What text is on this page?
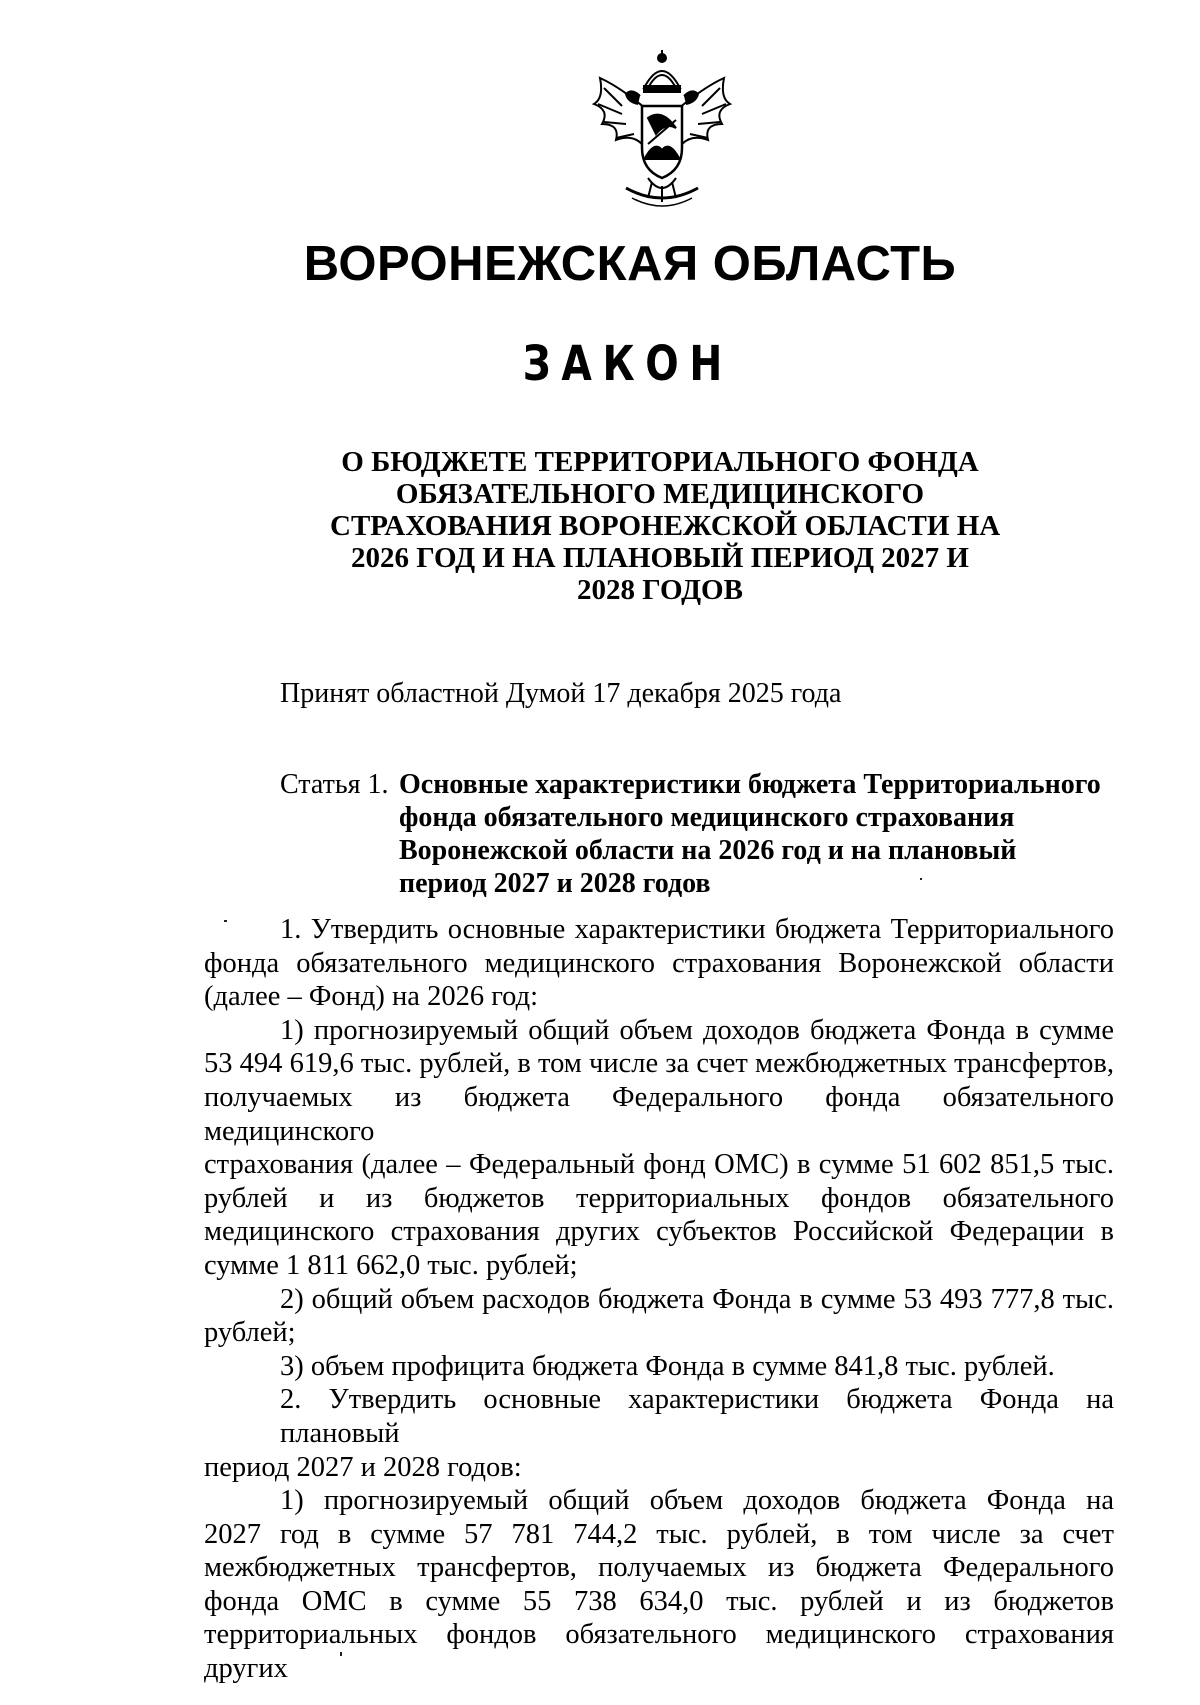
ВОРОНЕЖСКАЯ ОБЛАСТЬ
ЗАКОН
О БЮДЖЕТЕ ТЕРРИТОРИАЛЬНОГО ФОНДА
ОБЯЗАТЕЛЬНОГО МЕДИЦИНСКОГО
СТРАХОВАНИЯ ВОРОНЕЖСКОЙ ОБЛАСТИ НА
2026 ГОД И НА ПЛАНОВЫЙ ПЕРИОД 2027 И
2028 ГОДОВ
Принят областной Думой 17 декабря 2025 года
Статья 1. Основные характеристики бюджета Территориального
фонда обязательного медицинского страхования
Воронежской области на 2026 год и на плановый
период 2027 и 2028 годов
1. Утвердить основные характеристики бюджета Территориального
фонда обязательного медицинского страхования Воронежской области
(далее – Фонд) на 2026 год:
1) прогнозируемый общий объем доходов бюджета Фонда в сумме
53 494 619,6 тыс. рублей, в том числе за счет межбюджетных трансфертов,
получаемых из бюджета Федерального фонда обязательного медицинского
страхования (далее – Федеральный фонд ОМС) в сумме 51 602 851,5 тыс.
рублей и из бюджетов территориальных фондов обязательного
медицинского страхования других субъектов Российской Федерации в
сумме 1 811 662,0 тыс. рублей;
2) общий объем расходов бюджета Фонда в сумме 53 493 777,8 тыс.
рублей;
3) объем профицита бюджета Фонда в сумме 841,8 тыс. рублей.
2. Утвердить основные характеристики бюджета Фонда на плановый
период 2027 и 2028 годов:
1) прогнозируемый общий объем доходов бюджета Фонда на
2027 год в сумме 57 781 744,2 тыс. рублей, в том числе за счет
межбюджетных трансфертов, получаемых из бюджета Федерального
фонда ОМС в сумме 55 738 634,0 тыс. рублей и из бюджетов
территориальных фондов обязательного медицинского страхования других
